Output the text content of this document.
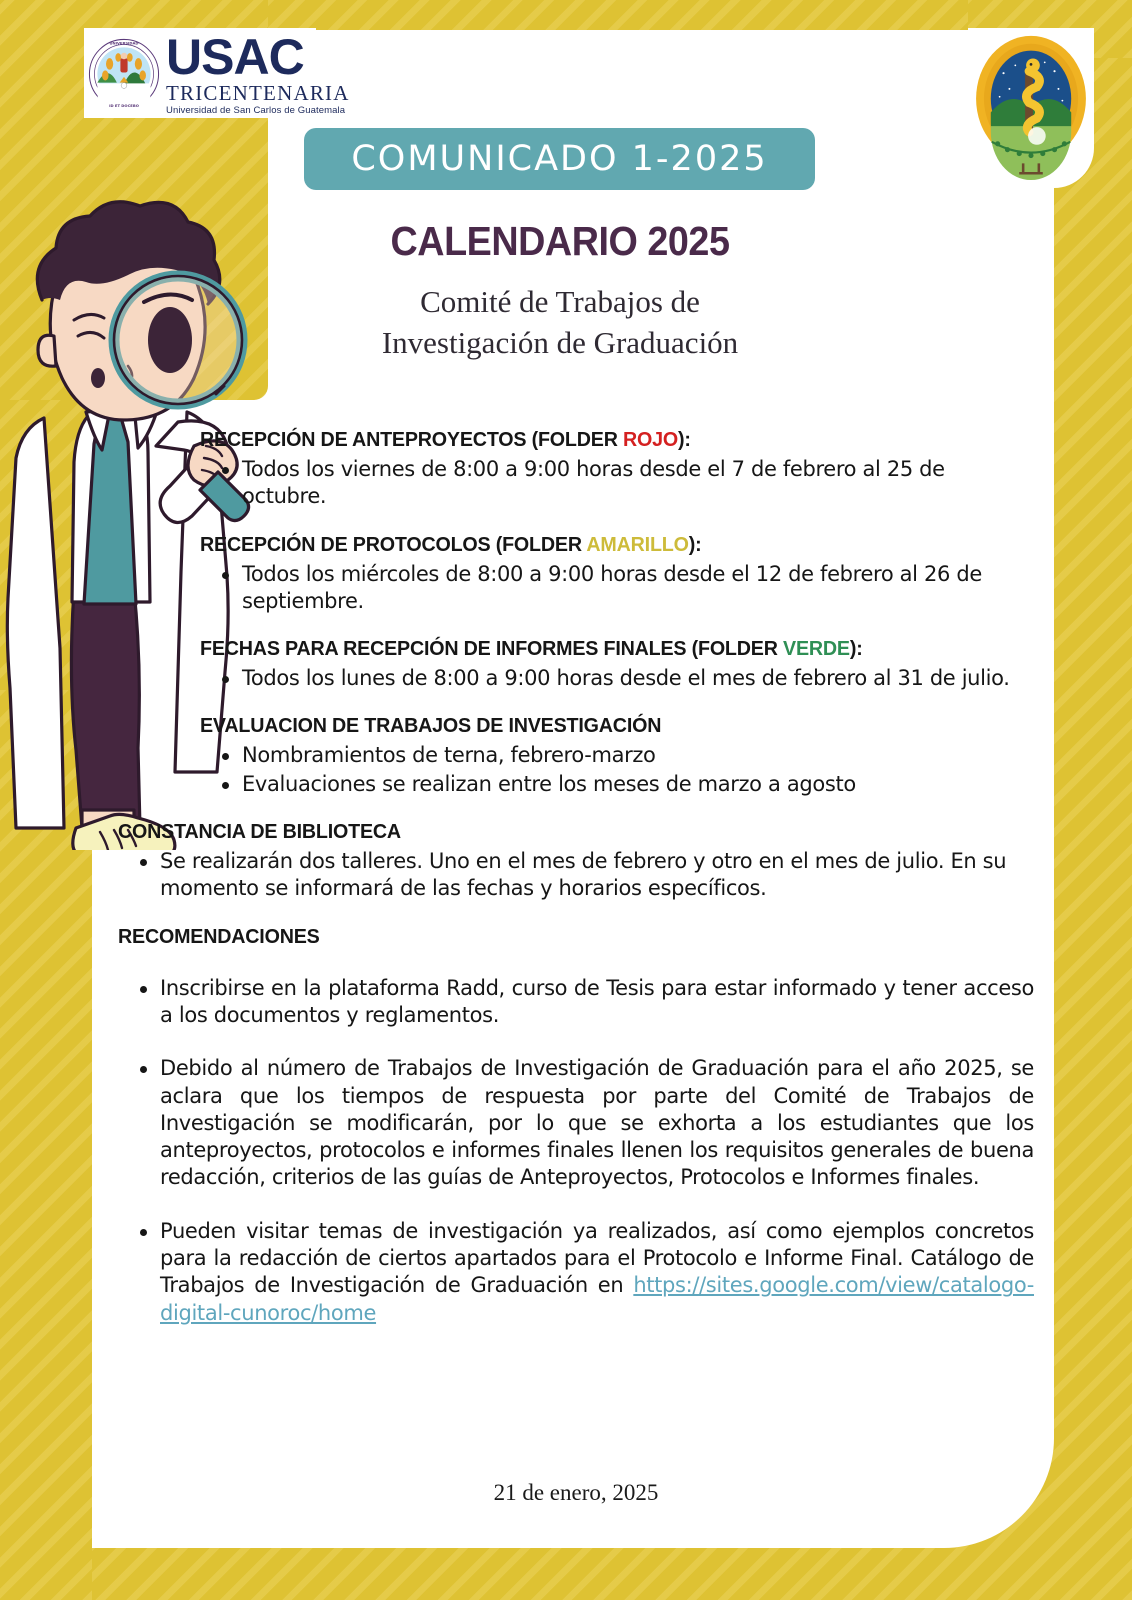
UNIVERSIDAD
ID ET DOCEBO
USAC
TRICENTENARIA
Universidad de San Carlos de Guatemala
COMUNICADO 1-2025
CALENDARIO 2025
Comité de Trabajos de
Investigación de Graduación
RECEPCIÓN DE ANTEPROYECTOS (FOLDER ROJO):
Todos los viernes de 8:00 a 9:00 horas desde el 7 de febrero al 25 de octubre.
RECEPCIÓN DE PROTOCOLOS (FOLDER AMARILLO):
Todos los miércoles de 8:00 a 9:00 horas desde el 12 de febrero al 26 de septiembre.
FECHAS PARA RECEPCIÓN DE INFORMES FINALES (FOLDER VERDE):
Todos los lunes de 8:00 a 9:00 horas desde el mes de febrero al 31 de julio.
EVALUACION DE TRABAJOS DE INVESTIGACIÓN
Nombramientos de terna, febrero-marzo
Evaluaciones se realizan entre los meses de marzo a agosto
CONSTANCIA DE BIBLIOTECA
Se realizarán dos talleres. Uno en el mes de febrero y otro en el mes de julio. En su momento se informará de las fechas y horarios específicos.
RECOMENDACIONES
Inscribirse en la plataforma Radd, curso de Tesis para estar informado y tener acceso a los documentos y reglamentos.
Debido al número de Trabajos de Investigación de Graduación para el año 2025, se aclara que los tiempos de respuesta por parte del Comité de Trabajos de Investigación se modificarán, por lo que se exhorta a los estudiantes que los anteproyectos, protocolos e informes finales llenen los requisitos generales de buena redacción, criterios de las guías de Anteproyectos, Protocolos e Informes finales.
Pueden visitar temas de investigación ya realizados, así como ejemplos concretos para la redacción de ciertos apartados para el Protocolo e Informe Final. Catálogo de Trabajos de Investigación de Graduación en https://sites.google.com/view/catalogo-digital-cunoroc/home
21 de enero, 2025
